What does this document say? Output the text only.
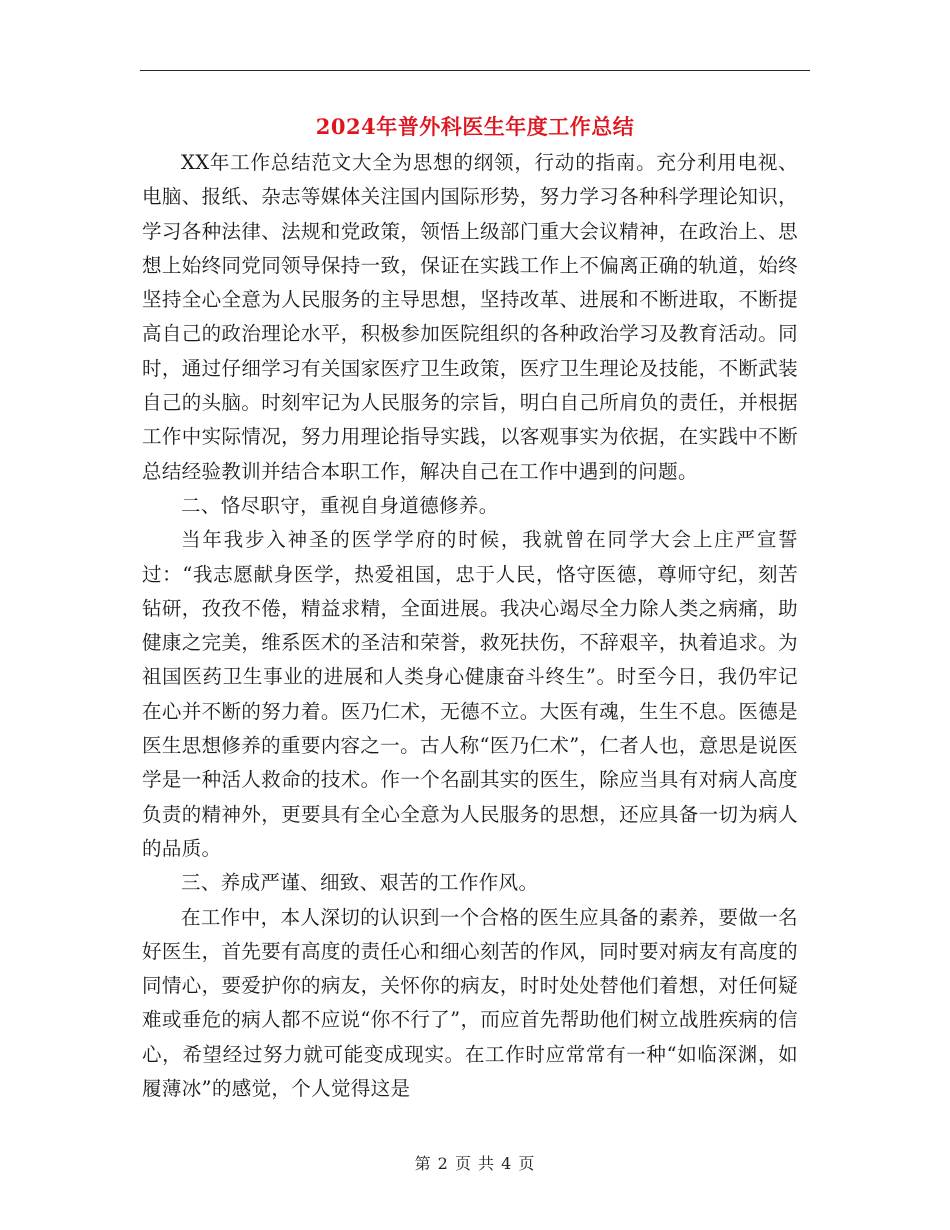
2024年普外科医生年度工作总结

XX年工作总结范文大全为思想的纲领，行动的指南。充分利用电视、电脑、报纸、杂志等媒体关注国内国际形势，努力学习各种科学理论知识，学习各种法律、法规和党政策，领悟上级部门重大会议精神，在政治上、思想上始终同党同领导保持一致，保证在实践工作上不偏离正确的轨道，始终坚持全心全意为人民服务的主导思想，坚持改革、进展和不断进取，不断提高自己的政治理论水平，积极参加医院组织的各种政治学习及教育活动。同时，通过仔细学习有关国家医疗卫生政策，医疗卫生理论及技能，不断武装自己的头脑。时刻牢记为人民服务的宗旨，明白自己所肩负的责任，并根据工作中实际情况，努力用理论指导实践，以客观事实为依据，在实践中不断总结经验教训并结合本职工作，解决自己在工作中遇到的问题。

二、恪尽职守，重视自身道德修养。

当年我步入神圣的医学学府的时候，我就曾在同学大会上庄严宣誓过：“我志愿献身医学，热爱祖国，忠于人民，恪守医德，尊师守纪，刻苦钻研，孜孜不倦，精益求精，全面进展。我决心竭尽全力除人类之病痛，助健康之完美，维系医术的圣洁和荣誉，救死扶伤，不辞艰辛，执着追求。为祖国医药卫生事业的进展和人类身心健康奋斗终生”。时至今日，我仍牢记在心并不断的努力着。医乃仁术，无德不立。大医有魂，生生不息。医德是医生思想修养的重要内容之一。古人称“医乃仁术”，仁者人也，意思是说医学是一种活人救命的技术。作一个名副其实的医生，除应当具有对病人高度负责的精神外，更要具有全心全意为人民服务的思想，还应具备一切为病人的品质。

三、养成严谨、细致、艰苦的工作作风。

在工作中，本人深切的认识到一个合格的医生应具备的素养，要做一名好医生，首先要有高度的责任心和细心刻苦的作风，同时要对病友有高度的同情心，要爱护你的病友，关怀你的病友，时时处处替他们着想，对任何疑难或垂危的病人都不应说“你不行了”，而应首先帮助他们树立战胜疾病的信心，希望经过努力就可能变成现实。在工作时应常常有一种“如临深渊，如履薄冰”的感觉，个人觉得这是

第 2 页 共 4 页
